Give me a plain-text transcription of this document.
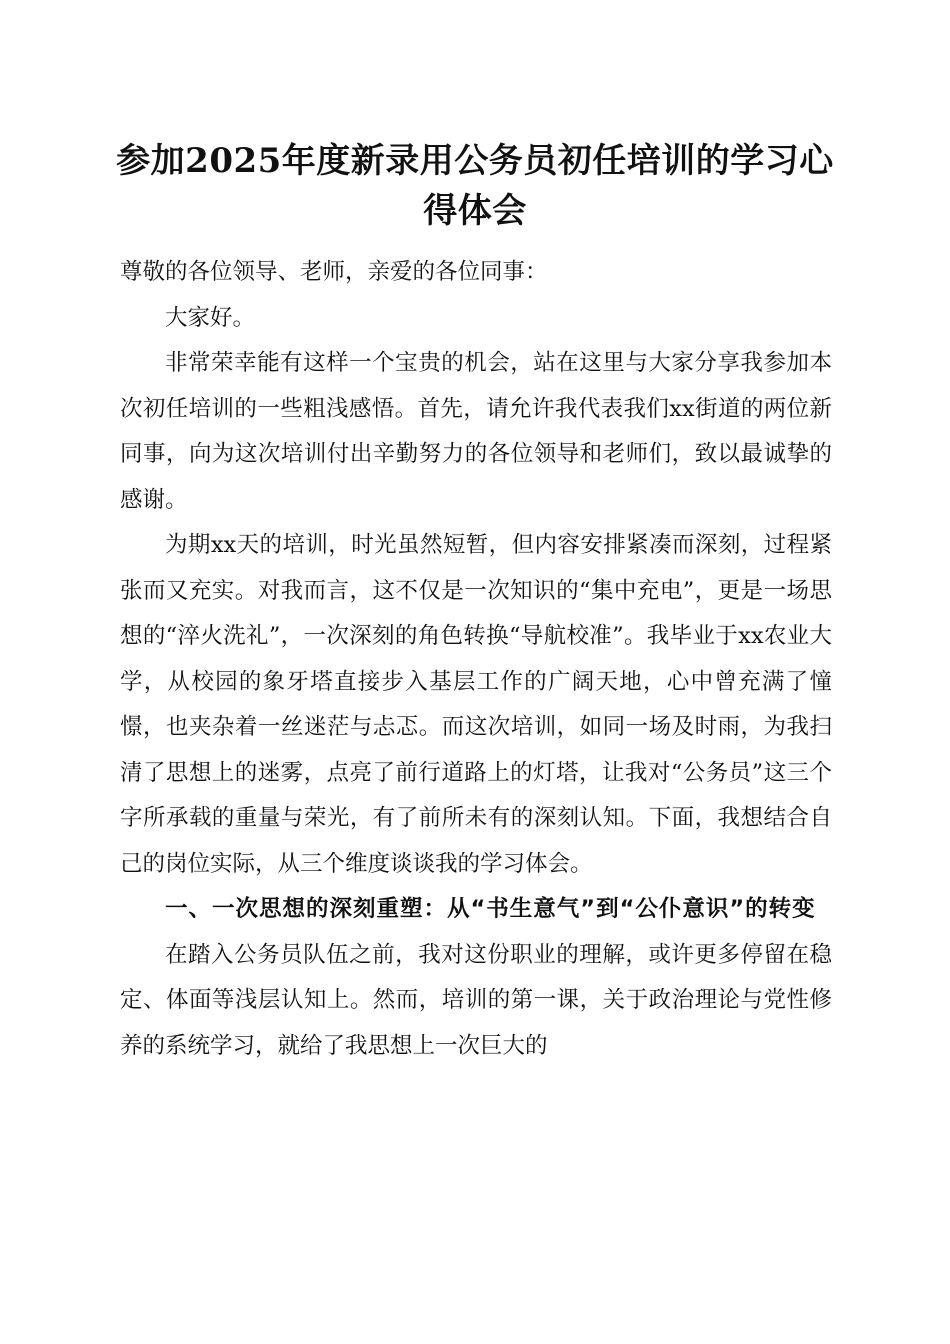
参加2025年度新录用公务员初任培训的学习心得体会

尊敬的各位领导、老师，亲爱的各位同事：

大家好。

非常荣幸能有这样一个宝贵的机会，站在这里与大家分享我参加本次初任培训的一些粗浅感悟。首先，请允许我代表我们xx街道的两位新同事，向为这次培训付出辛勤努力的各位领导和老师们，致以最诚挚的感谢。

为期xx天的培训，时光虽然短暂，但内容安排紧凑而深刻，过程紧张而又充实。对我而言，这不仅是一次知识的“集中充电”，更是一场思想的“淬火洗礼”，一次深刻的角色转换“导航校准”。我毕业于xx农业大学，从校园的象牙塔直接步入基层工作的广阔天地，心中曾充满了憧憬，也夹杂着一丝迷茫与忐忑。而这次培训，如同一场及时雨，为我扫清了思想上的迷雾，点亮了前行道路上的灯塔，让我对“公务员”这三个字所承载的重量与荣光，有了前所未有的深刻认知。下面，我想结合自己的岗位实际，从三个维度谈谈我的学习体会。

一、一次思想的深刻重塑：从“书生意气”到“公仆意识”的转变

在踏入公务员队伍之前，我对这份职业的理解，或许更多停留在稳定、体面等浅层认知上。然而，培训的第一课，关于政治理论与党性修养的系统学习，就给了我思想上一次巨大的
